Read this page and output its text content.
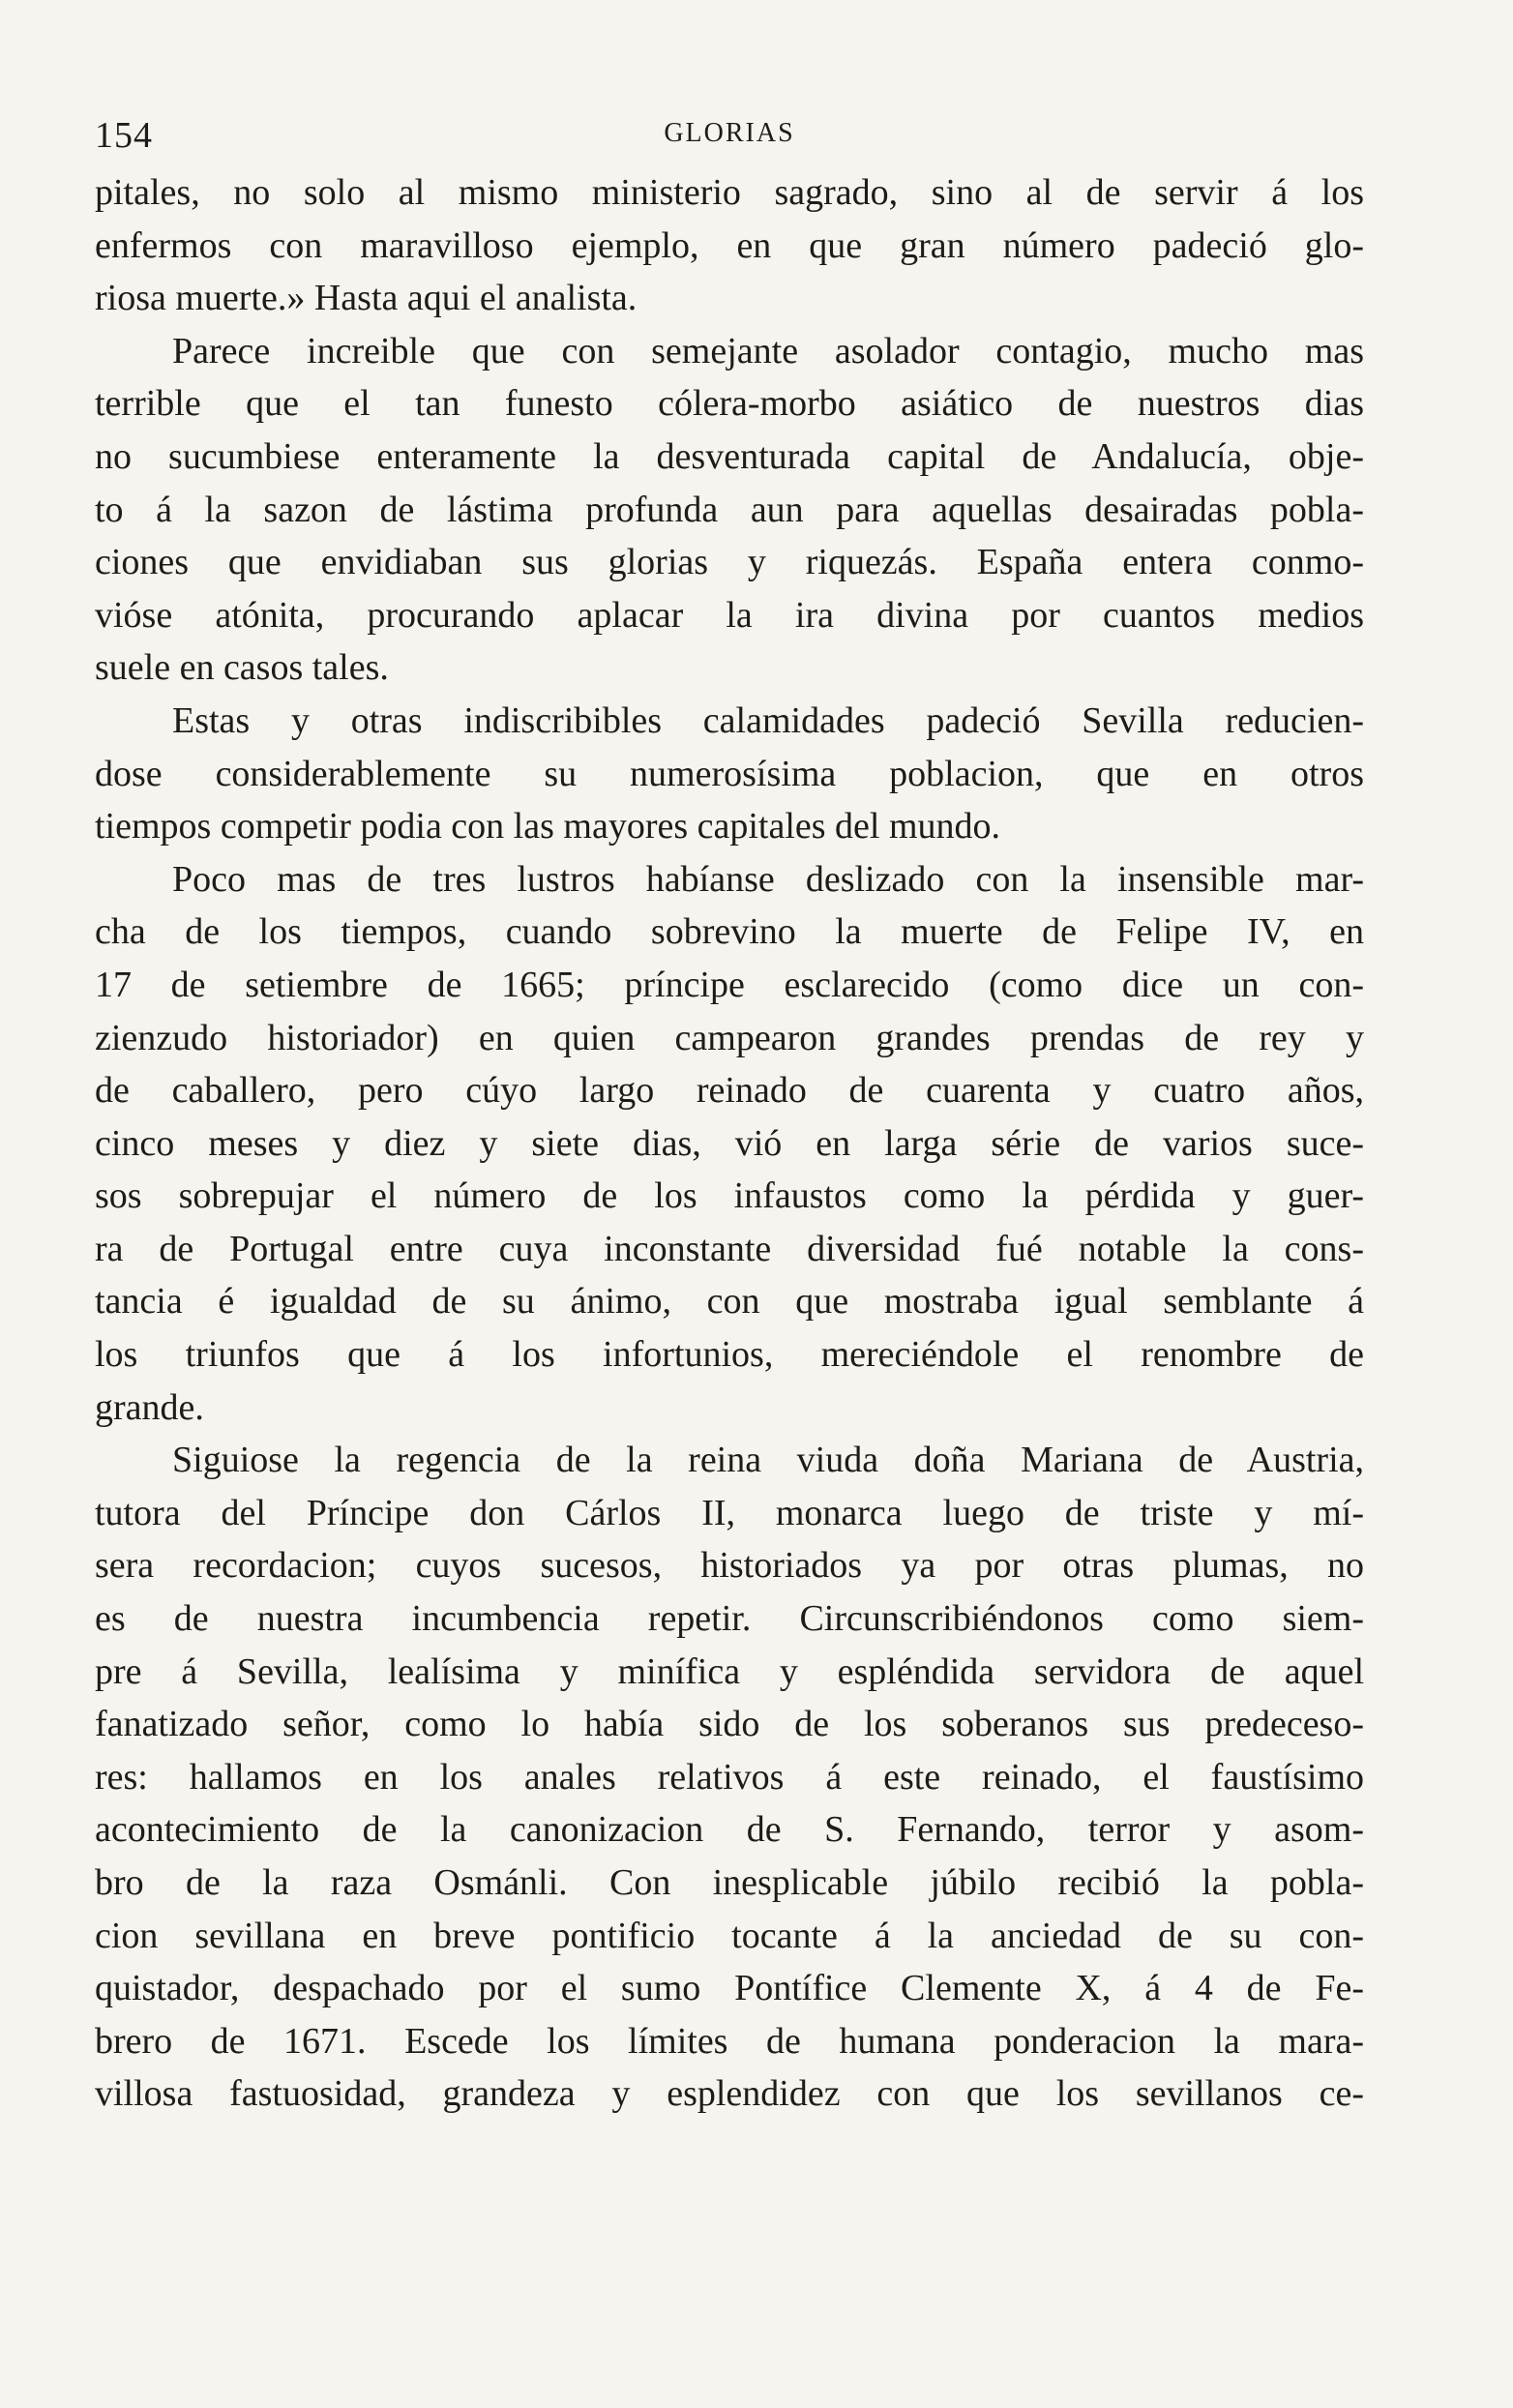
154	GLORIAS
pitales, no solo al mismo ministerio sagrado, sino al de servir á los
enfermos con maravilloso ejemplo, en que gran número padeció glo-
riosa muerte.» Hasta aqui el analista.
Parece increible que con semejante asolador contagio, mucho mas
terrible que el tan funesto cólera-morbo asiático de nuestros dias
no sucumbiese enteramente la desventurada capital de Andalucía, obje-
to á la sazon de lástima profunda aun para aquellas desairadas pobla-
ciones que envidiaban sus glorias y riquezás. España entera conmo-
vióse atónita, procurando aplacar la ira divina por cuantos medios
suele en casos tales.
Estas y otras indiscribibles calamidades padeció Sevilla reducien-
dose considerablemente su numerosísima poblacion, que en otros
tiempos competir podia con las mayores capitales del mundo.
Poco mas de tres lustros habíanse deslizado con la insensible mar-
cha de los tiempos, cuando sobrevino la muerte de Felipe IV, en
17 de setiembre de 1665; príncipe esclarecido (como dice un con-
zienzudo historiador) en quien campearon grandes prendas de rey y
de caballero, pero cúyo largo reinado de cuarenta y cuatro años,
cinco meses y diez y siete dias, vió en larga série de varios suce-
sos sobrepujar el número de los infaustos como la pérdida y guer-
ra de Portugal entre cuya inconstante diversidad fué notable la cons-
tancia é igualdad de su ánimo, con que mostraba igual semblante á
los triunfos que á los infortunios, mereciéndole el renombre de
grande.
Siguiose la regencia de la reina viuda doña Mariana de Austria,
tutora del Príncipe don Cárlos II, monarca luego de triste y mí-
sera recordacion; cuyos sucesos, historiados ya por otras plumas, no
es de nuestra incumbencia repetir. Circunscribiéndonos como siem-
pre á Sevilla, lealísima y minífica y espléndida servidora de aquel
fanatizado señor, como lo había sido de los soberanos sus predeceso-
res: hallamos en los anales relativos á este reinado, el faustísimo
acontecimiento de la canonizacion de S. Fernando, terror y asom-
bro de la raza Osmánli. Con inesplicable júbilo recibió la pobla-
cion sevillana en breve pontificio tocante á la anciedad de su con-
quistador, despachado por el sumo Pontífice Clemente X, á 4 de Fe-
brero de 1671. Escede los límites de humana ponderacion la mara-
villosa fastuosidad, grandeza y esplendidez con que los sevillanos ce-
